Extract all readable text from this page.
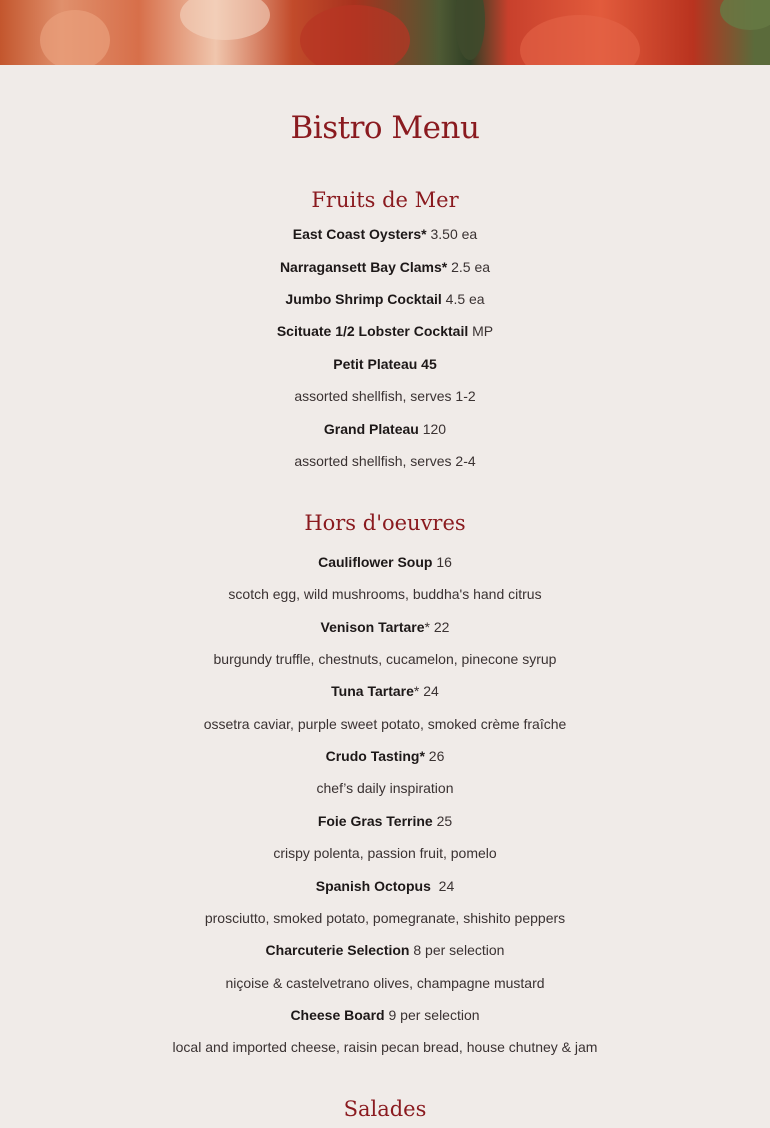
Bistro Menu
Fruits de Mer
East Coast Oysters* 3.50 ea
Narragansett Bay Clams* 2.5 ea
Jumbo Shrimp Cocktail 4.5 ea
Scituate 1/2 Lobster Cocktail MP
Petit Plateau 45
assorted shellfish, serves 1-2
Grand Plateau 120
assorted shellfish, serves 2-4
Hors d'oeuvres
Cauliflower Soup 16
scotch egg, wild mushrooms, buddha's hand citrus
Venison Tartare* 22
burgundy truffle, chestnuts, cucamelon, pinecone syrup
Tuna Tartare* 24
ossetra caviar, purple sweet potato, smoked crème fraîche
Crudo Tasting* 26
chef’s daily inspiration
Foie Gras Terrine 25
crispy polenta, passion fruit, pomelo
Spanish Octopus  24
prosciutto, smoked potato, pomegranate, shishito peppers
Charcuterie Selection 8 per selection
niçoise & castelvetrano olives, champagne mustard
Cheese Board 9 per selection
local and imported cheese, raisin pecan bread, house chutney & jam
Salades
